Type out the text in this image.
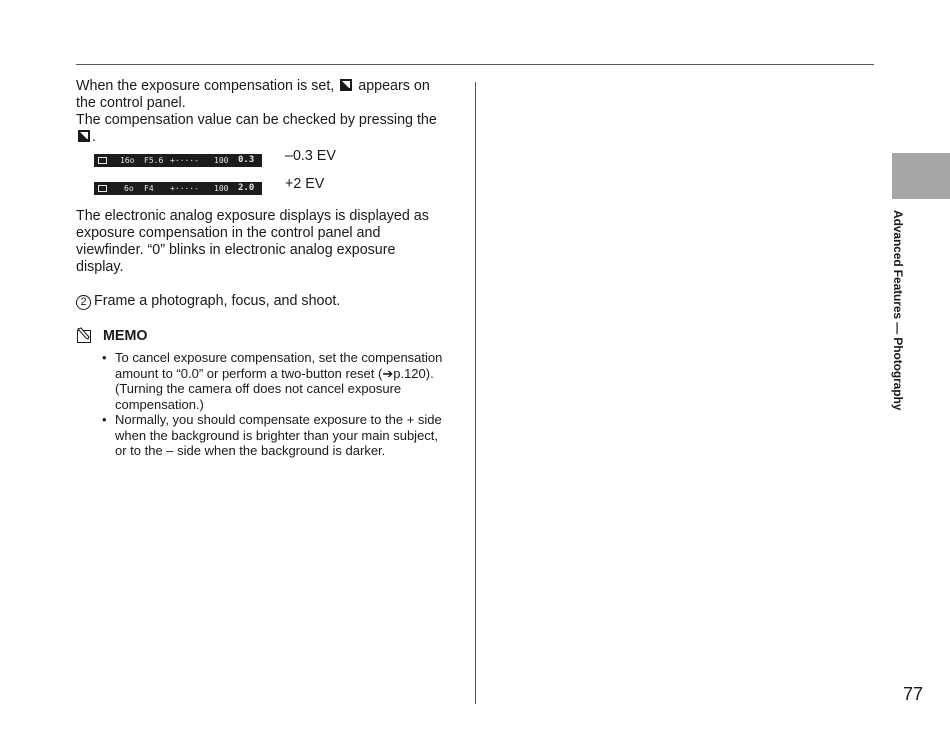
Advanced Features — Photography
77

When the exposure compensation is set, appears on the control panel.
The compensation value can be checked by pressing the .

16o F5.6 +····- 100 0.3 –0.3 EV
6o F4 +····- 100 2.0 +2 EV

The electronic analog exposure displays is displayed as exposure compensation in the control panel and viewfinder. “0” blinks in electronic analog exposure display.

2 Frame a photograph, focus, and shoot.

MEMO
• To cancel exposure compensation, set the compensation amount to “0.0” or perform a two-button reset (➔p.120). (Turning the camera off does not cancel exposure compensation.)
• Normally, you should compensate exposure to the + side when the background is brighter than your main subject, or to the – side when the background is darker.
